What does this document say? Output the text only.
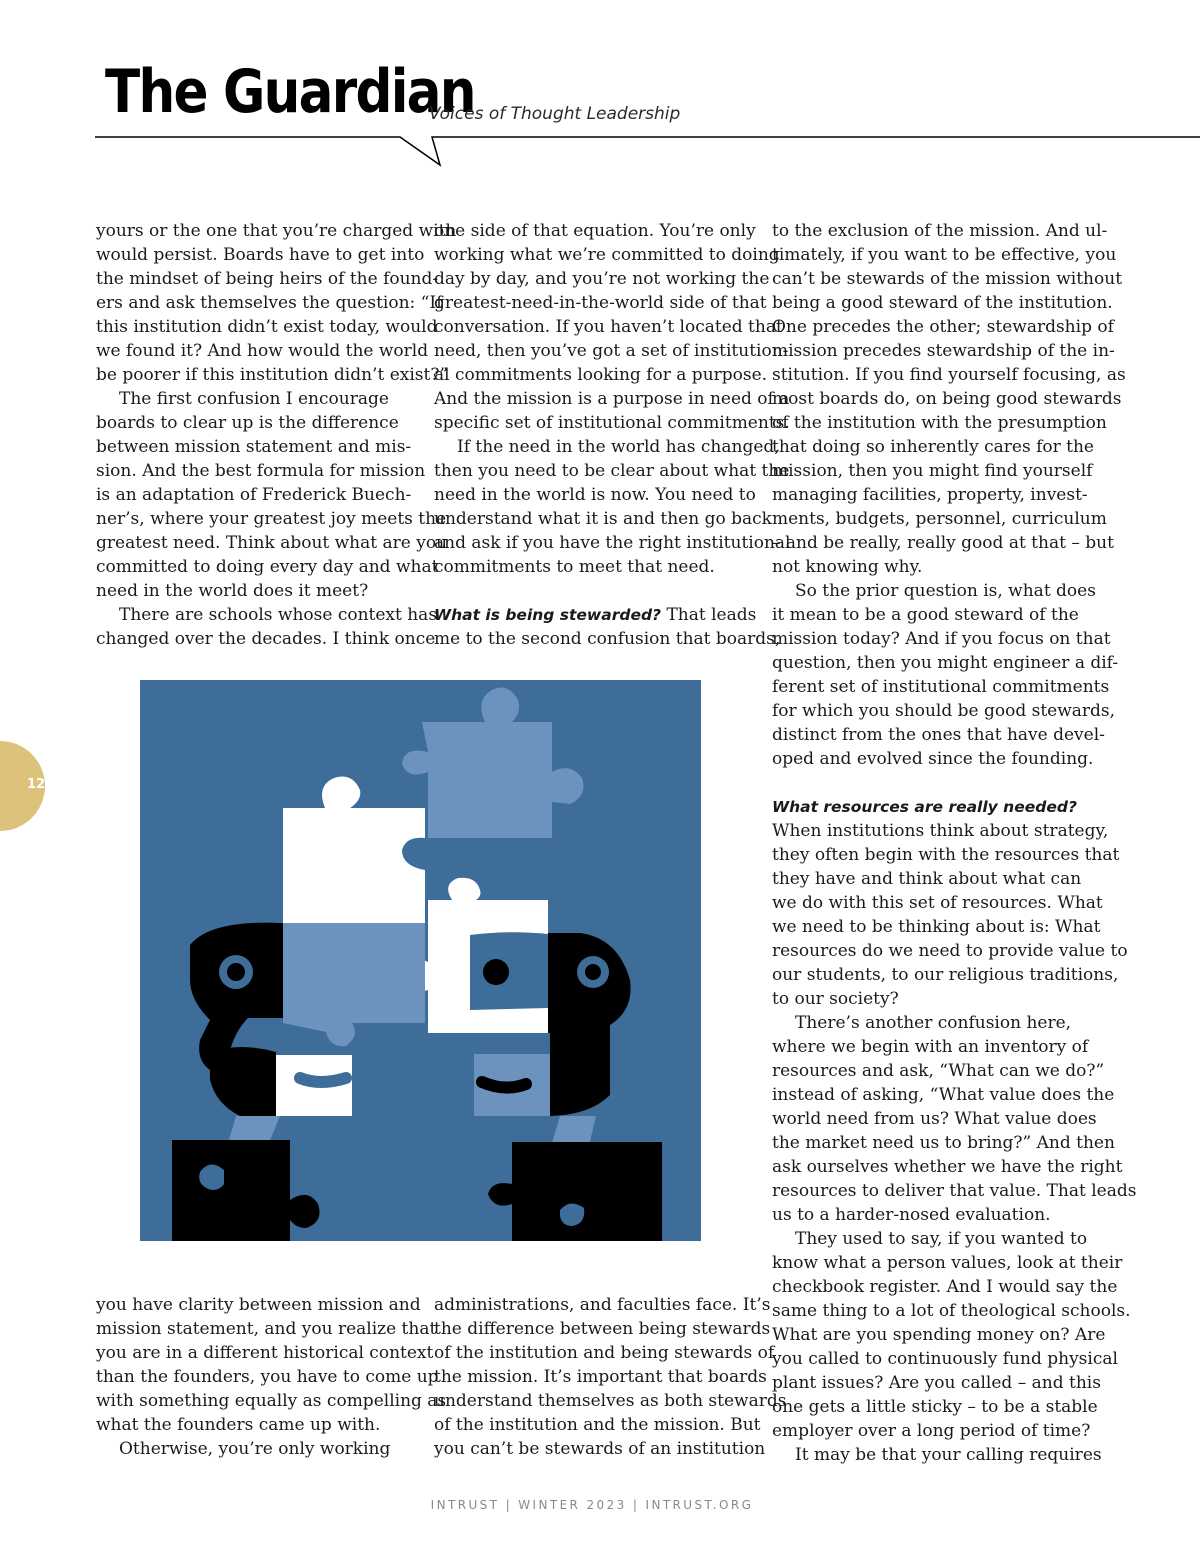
The Guardian
Voices of Thought Leadership
yours or the one that you’re charged with
would persist. Boards have to get into
the mindset of being heirs of the found-
ers and ask themselves the question: “If
this institution didn’t exist today, would
we found it? And how would the world
be poorer if this institution didn’t exist?”
The first confusion I encourage
boards to clear up is the difference
between mission statement and mis-
sion. And the best formula for mission
is an adaptation of Frederick Buech-
ner’s, where your greatest joy meets the
greatest need. Think about what are you
committed to doing every day and what
need in the world does it meet?
There are schools whose context has
changed over the decades. I think once
one side of that equation. You’re only
working what we’re committed to doing
day by day, and you’re not working the
greatest-need-in-the-world side of that
conversation. If you haven’t located that
need, then you’ve got a set of institution-
al commitments looking for a purpose.
And the mission is a purpose in need of a
specific set of institutional commitments.
If the need in the world has changed,
then you need to be clear about what the
need in the world is now. You need to
understand what it is and then go back
and ask if you have the right institutional
commitments to meet that need.
What is being stewarded? That leads
me to the second confusion that boards,
to the exclusion of the mission. And ul-
timately, if you want to be effective, you
can’t be stewards of the mission without
being a good steward of the institution.
One precedes the other; stewardship of
mission precedes stewardship of the in-
stitution. If you find yourself focusing, as
most boards do, on being good stewards
of the institution with the presumption
that doing so inherently cares for the
mission, then you might find yourself
managing facilities, property, invest-
ments, budgets, personnel, curriculum
– and be really, really good at that – but
not knowing why.
So the prior question is, what does
it mean to be a good steward of the
mission today? And if you focus on that
question, then you might engineer a dif-
ferent set of institutional commitments
for which you should be good stewards,
distinct from the ones that have devel-
oped and evolved since the founding.
What resources are really needed?
When institutions think about strategy,
they often begin with the resources that
they have and think about what can
we do with this set of resources. What
we need to be thinking about is: What
resources do we need to provide value to
our students, to our religious traditions,
to our society?
There’s another confusion here,
where we begin with an inventory of
resources and ask, “What can we do?”
instead of asking, “What value does the
world need from us? What value does
the market need us to bring?” And then
ask ourselves whether we have the right
resources to deliver that value. That leads
us to a harder-nosed evaluation.
They used to say, if you wanted to
know what a person values, look at their
checkbook register. And I would say the
same thing to a lot of theological schools.
What are you spending money on? Are
you called to continuously fund physical
plant issues? Are you called – and this
one gets a little sticky – to be a stable
employer over a long period of time?
It may be that your calling requires
you have clarity between mission and
mission statement, and you realize that
you are in a different historical context
than the founders, you have to come up
with something equally as compelling as
what the founders came up with.
Otherwise, you’re only working
administrations, and faculties face. It’s
the difference between being stewards
of the institution and being stewards of
the mission. It’s important that boards
understand themselves as both stewards
of the institution and the mission. But
you can’t be stewards of an institution
12
INTRUST | WINTER 2023 | INTRUST.ORG
